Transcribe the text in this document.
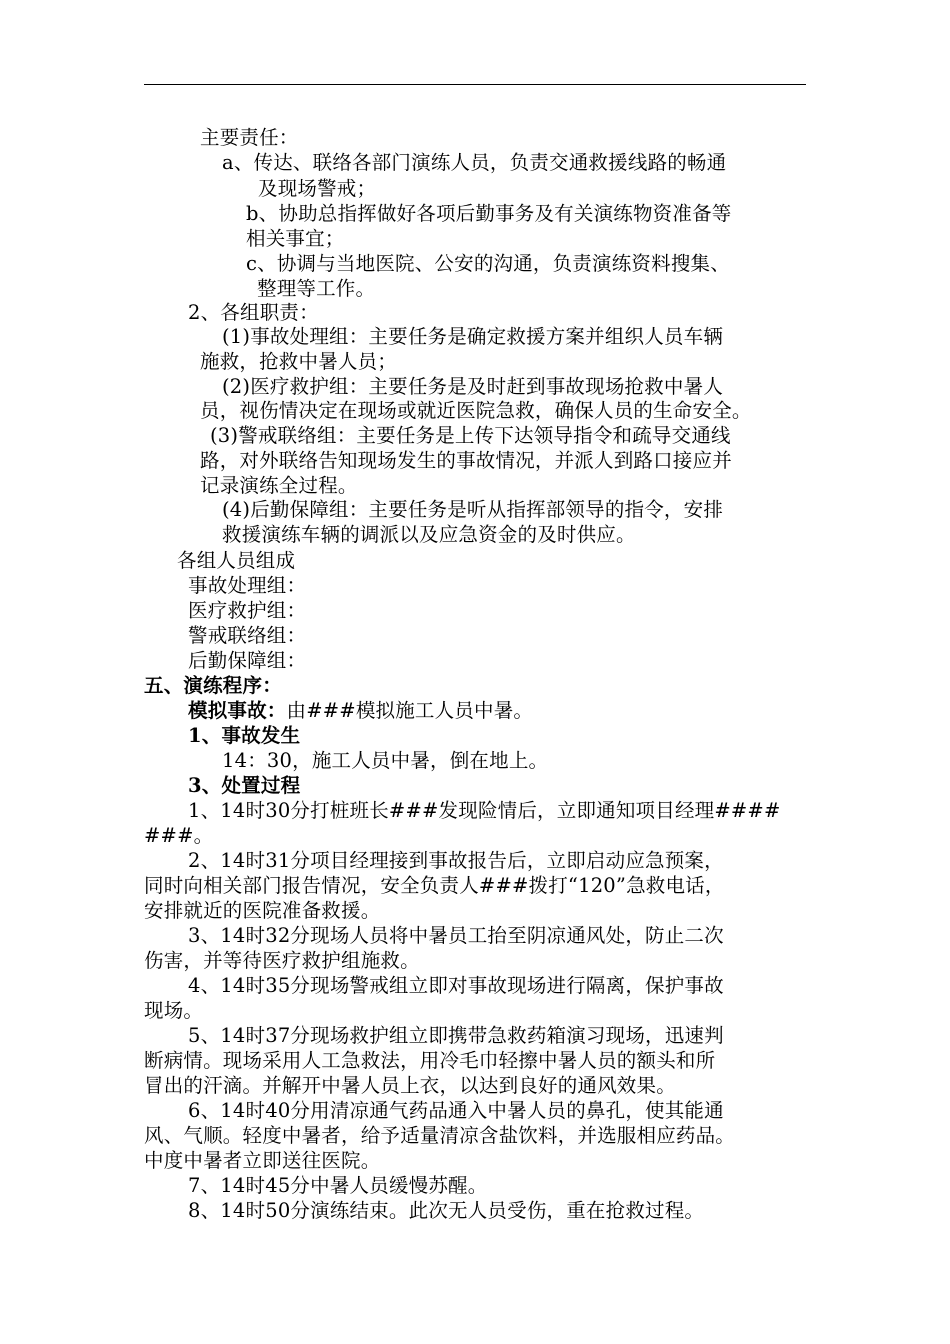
主要责任：
a、传达、联络各部门演练人员，负责交通救援线路的畅通
及现场警戒；
b、协助总指挥做好各项后勤事务及有关演练物资准备等
相关事宜；
c、协调与当地医院、公安的沟通，负责演练资料搜集、
整理等工作。
2、各组职责：
(1)事故处理组：主要任务是确定救援方案并组织人员车辆
施救，抢救中暑人员；
(2)医疗救护组：主要任务是及时赶到事故现场抢救中暑人
员，视伤情决定在现场或就近医院急救，确保人员的生命安全。
(3)警戒联络组：主要任务是上传下达领导指令和疏导交通线
路，对外联络告知现场发生的事故情况，并派人到路口接应并
记录演练全过程。
(4)后勤保障组：主要任务是听从指挥部领导的指令，安排
救援演练车辆的调派以及应急资金的及时供应。
各组人员组成
事故处理组：
医疗救护组：
警戒联络组：
后勤保障组：
五、演练程序：
模拟事故：由###模拟施工人员中暑。
1、事故发生
14：30，施工人员中暑，倒在地上。
3、处置过程
1、14时30分打桩班长###发现险情后，立即通知项目经理####
###。
2、14时31分项目经理接到事故报告后，立即启动应急预案，
同时向相关部门报告情况，安全负责人###拨打“120”急救电话，
安排就近的医院准备救援。
3、14时32分现场人员将中暑员工抬至阴凉通风处，防止二次
伤害，并等待医疗救护组施救。
4、14时35分现场警戒组立即对事故现场进行隔离，保护事故
现场。
5、14时37分现场救护组立即携带急救药箱演习现场，迅速判
断病情。现场采用人工急救法，用冷毛巾轻擦中暑人员的额头和所
冒出的汗滴。并解开中暑人员上衣，以达到良好的通风效果。
6、14时40分用清凉通气药品通入中暑人员的鼻孔，使其能通
风、气顺。轻度中暑者，给予适量清凉含盐饮料，并选服相应药品。
中度中暑者立即送往医院。
7、14时45分中暑人员缓慢苏醒。
8、14时50分演练结束。此次无人员受伤，重在抢救过程。
